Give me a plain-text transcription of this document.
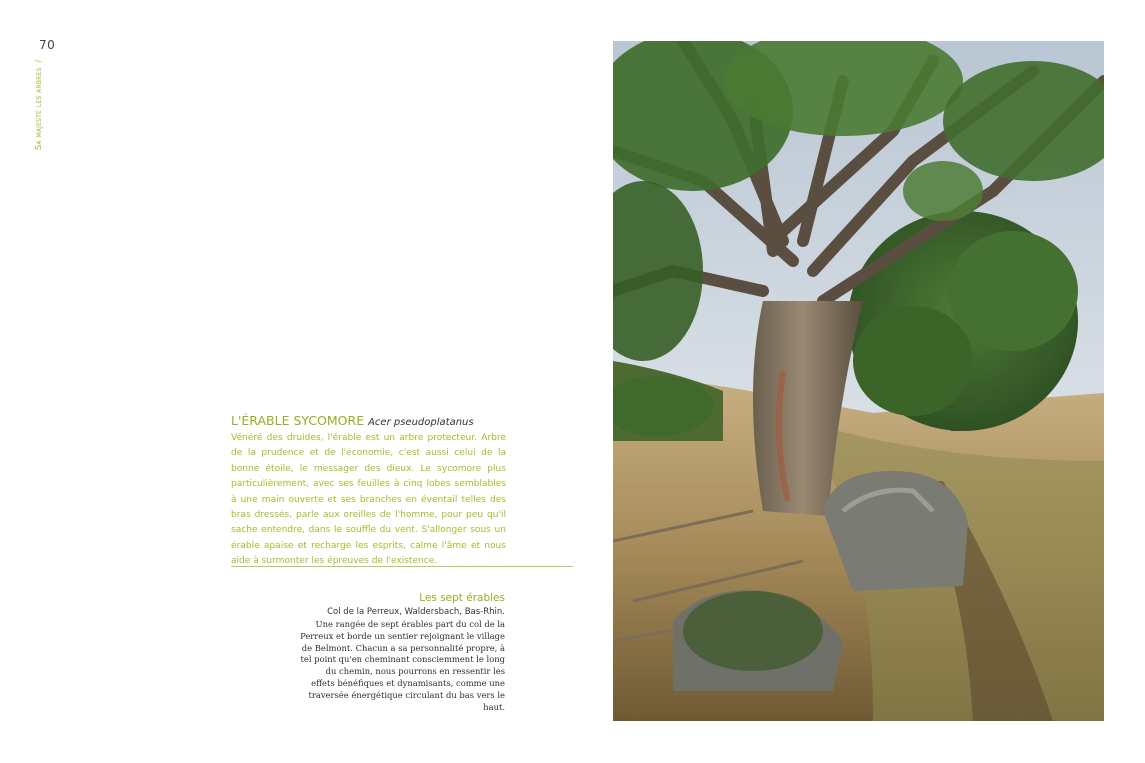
70
Sa majesté les arbres/
L'ÉRABLE SYCOMORE Acer pseudoplatanus
Vénéré des druides, l'érable est un arbre protecteur. Arbre de la prudence et de l'économie, c'est aussi celui de la bonne étoile, le messager des dieux. Le sycomore plus particulièrement, avec ses feuilles à cinq lobes semblables à une main ouverte et ses branches en éventail telles des bras dressés, parle aux oreilles de l'homme, pour peu qu'il sache entendre, dans le souffle du vent. S'allonger sous un érable apaise et recharge les esprits, calme l'âme et nous aide à surmonter les épreuves de l'existence.
Les sept érables
Col de la Perreux, Waldersbach, Bas-Rhin.
Une rangée de sept érables part du col de la Perreux et borde un sentier rejoignant le village de Belmont. Chacun a sa personnalité propre, à tel point qu'en cheminant consciemment le long du chemin, nous pourrons en ressentir les effets bénéfiques et dynamisants, comme une traversée énergétique circulant du bas vers le haut.
